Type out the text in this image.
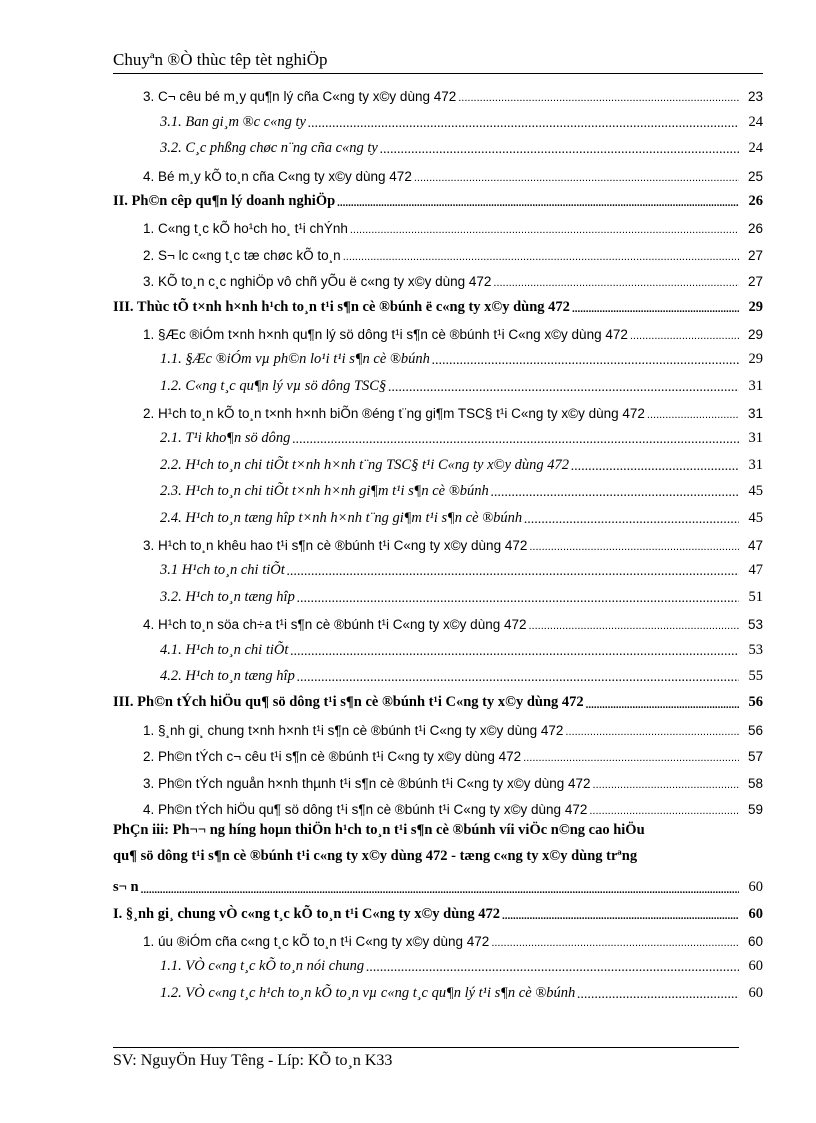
Chuyªn ®Ò thùc têp tèt nghiÖp
3. C¬ cêu bé m¸y qu¶n lý cña C«ng ty x©y dùng 472 .....	23
3.1. Ban gi¸m ®c c«ng ty .....	24
3.2. C¸c phßng chøc n¨ng cña c«ng ty .....	24
4. Bé m¸y kÕ to¸n cña C«ng ty x©y dùng 472 .....	25
II. Ph©n cêp qu¶n lý doanh nghiÖp .....	26
1. C«ng t¸c kÕ ho¹ch ho¸ t¹i chÝnh .....	26
2. S¬ lc c«ng t¸c tæ chøc kÕ to¸n .....	27
3. KÕ to¸n c¸c nghiÖp vô chñ yÕu ë c«ng ty x©y dùng 472 .....	27
III. Thùc tÕ t×nh h×nh h¹ch to¸n t¹i s¶n cè ®búnh ë c«ng ty x©y dùng 472 .....	29
1. §Æc ®iÓm t×nh h×nh qu¶n lý sö dông t¹i s¶n cè ®búnh t¹i C«ng x©y dùng 472 .....	29
1.1. §Æc ®iÓm vµ ph©n lo¹i t¹i s¶n cè ®búnh .....	29
1.2. C«ng t¸c qu¶n lý vµ sö dông TSC§ .....	31
2. H¹ch to¸n kÕ to¸n t×nh h×nh biÕn ®éng t¨ng gi¶m TSC§ t¹i C«ng ty x©y dùng 472 .....	31
2.1. T¹i kho¶n sö dông .....	31
2.2. H¹ch to¸n chi tiÕt t×nh h×nh t¨ng TSC§ t¹i C«ng ty x©y dùng 472 .....	31
2.3. H¹ch to¸n chi tiÕt t×nh h×nh gi¶m t¹i s¶n cè ®búnh .....	45
2.4. H¹ch to¸n tæng hîp t×nh h×nh t¨ng gi¶m t¹i s¶n cè ®búnh .....	45
3. H¹ch to¸n khêu hao t¹i s¶n cè ®búnh t¹i C«ng ty x©y dùng 472 .....	47
3.1 H¹ch to¸n chi tiÕt .....	47
3.2. H¹ch to¸n tæng hîp .....	51
4. H¹ch to¸n söa ch÷a t¹i s¶n cè ®búnh t¹i C«ng ty x©y dùng 472 .....	53
4.1. H¹ch to¸n chi tiÕt .....	53
4.2. H¹ch to¸n tæng hîp .....	55
III. Ph©n tÝch hiÖu qu¶ sö dông t¹i s¶n cè ®búnh t¹i C«ng ty x©y dùng 472 .....	56
1. §¸nh gi¸ chung t×nh h×nh t¹i s¶n cè ®búnh t¹i C«ng ty x©y dùng 472 .....	56
2. Ph©n tÝch c¬ cêu t¹i s¶n cè ®búnh t¹i C«ng ty x©y dùng 472 .....	57
3. Ph©n tÝch nguån h×nh thµnh t¹i s¶n cè ®búnh t¹i C«ng ty x©y dùng 472 .....	58
4. Ph©n tÝch hiÖu qu¶ sö dông t¹i s¶n cè ®búnh t¹i C«ng ty x©y dùng 472 .....	59
PhÇn iii: Ph¬¬ ng híng hoµn thiÖn h¹ch to¸n t¹i s¶n cè ®búnh víi viÖc n©ng cao hiÖu
qu¶ sö dông t¹i s¶n cè ®búnh t¹i c«ng ty x©y dùng 472 - tæng c«ng ty x©y dùng trªng
s¬ n .....	60
I. §¸nh gi¸ chung vÒ c«ng t¸c kÕ to¸n t¹i C«ng ty x©y dùng 472 .....	60
1. úu ®iÓm cña c«ng t¸c kÕ to¸n t¹i C«ng ty x©y dùng 472 .....	60
1.1. VÒ c«ng t¸c kÕ to¸n nói chung .....	60
1.2. VÒ c«ng t¸c h¹ch to¸n kÕ to¸n vµ c«ng t¸c qu¶n lý t¹i s¶n cè ®búnh .....	60
SV: NguyÖn Huy Têng - Líp: KÕ to¸n K33
